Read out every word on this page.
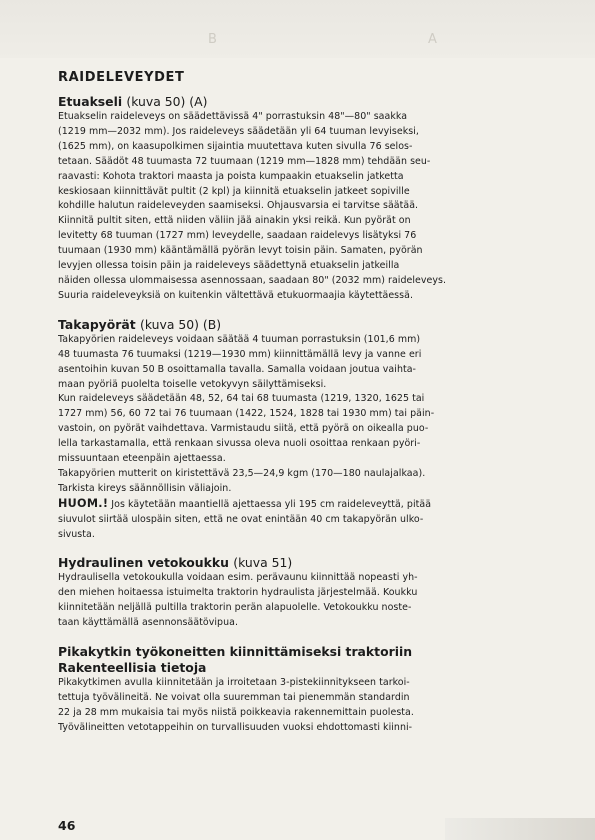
B	A
RAIDELEVEYDET
Etuakseli (kuva 50) (A)

Etuakselin raideleveys on säädettävissä 4" porrastuksin 48"—80" saakka
(1219 mm—2032 mm). Jos raideleveys säädetään yli 64 tuuman levyiseksi,
(1625 mm), on kaasupolkimen sijaintia muutettava kuten sivulla 76 selos-
tetaan. Säädöt 48 tuumasta 72 tuumaan (1219 mm—1828 mm) tehdään seu-
raavasti: Kohota traktori maasta ja poista kumpaakin etuakselin jatketta
keskiosaan kiinnittävät pultit (2 kpl) ja kiinnitä etuakselin jatkeet sopiville
kohdille halutun raideleveyden saamiseksi. Ohjausvarsia ei tarvitse säätää.
Kiinnitä pultit siten, että niiden väliin jää ainakin yksi reikä. Kun pyörät on
levitetty 68 tuuman (1727 mm) leveydelle, saadaan raidelevys lisätyksi 76
tuumaan (1930 mm) kääntämällä pyörän levyt toisin päin. Samaten, pyörän
levyjen ollessa toisin päin ja raideleveys säädettynä etuakselin jatkeilla
näiden ollessa ulommaisessa asennossaan, saadaan 80" (2032 mm) raideleveys.
Suuria raideleveyksiä on kuitenkin vältettävä etukuormaajia käytettäessä.

Takapyörät (kuva 50) (B)

Takapyörien raideleveys voidaan säätää 4 tuuman porrastuksin (101,6 mm)
48 tuumasta 76 tuumaksi (1219—1930 mm) kiinnittämällä levy ja vanne eri
asentoihin kuvan 50 B osoittamalla tavalla. Samalla voidaan joutua vaihta-
maan pyöriä puolelta toiselle vetokyvyn säilyttämiseksi.
Kun raideleveys säädetään 48, 52, 64 tai 68 tuumasta (1219, 1320, 1625 tai
1727 mm) 56, 60 72 tai 76 tuumaan (1422, 1524, 1828 tai 1930 mm) tai päin-
vastoin, on pyörät vaihdettava. Varmistaudu siitä, että pyörä on oikealla puo-
lella tarkastamalla, että renkaan sivussa oleva nuoli osoittaa renkaan pyöri-
missuuntaan eteenpäin ajettaessa.
Takapyörien mutterit on kiristettävä 23,5—24,9 kgm (170—180 naulajalkaa).
Tarkista kireys säännöllisin väliajoin.

HUOM.! Jos käytetään maantiellä ajettaessa yli 195 cm raideleveyttä, pitää
siuvulot siirtää ulospäin siten, että ne ovat enintään 40 cm takapyörän ulko-
sivusta.

Hydraulinen vetokoukku (kuva 51)

Hydraulisella vetokoukulla voidaan esim. perävaunu kiinnittää nopeasti yh-
den miehen hoitaessa istuimelta traktorin hydraulista järjestelmää. Koukku
kiinnitetään neljällä pultilla traktorin perän alapuolelle. Vetokoukku noste-
taan käyttämällä asennonsäätövipua.

Pikakytkin työkoneitten kiinnittämiseksi traktoriin
Rakenteellisia tietoja

Pikakytkimen avulla kiinnitetään ja irroitetaan 3-pistekiinnitykseen tarkoi-
tettuja työvälineitä. Ne voivat olla suuremman tai pienemmän standardin
22 ja 28 mm mukaisia tai myös niistä poikkeavia rakennemittain puolesta.
Työvälineitten vetotappeihin on turvallisuuden vuoksi ehdottomasti kiinni-

46
